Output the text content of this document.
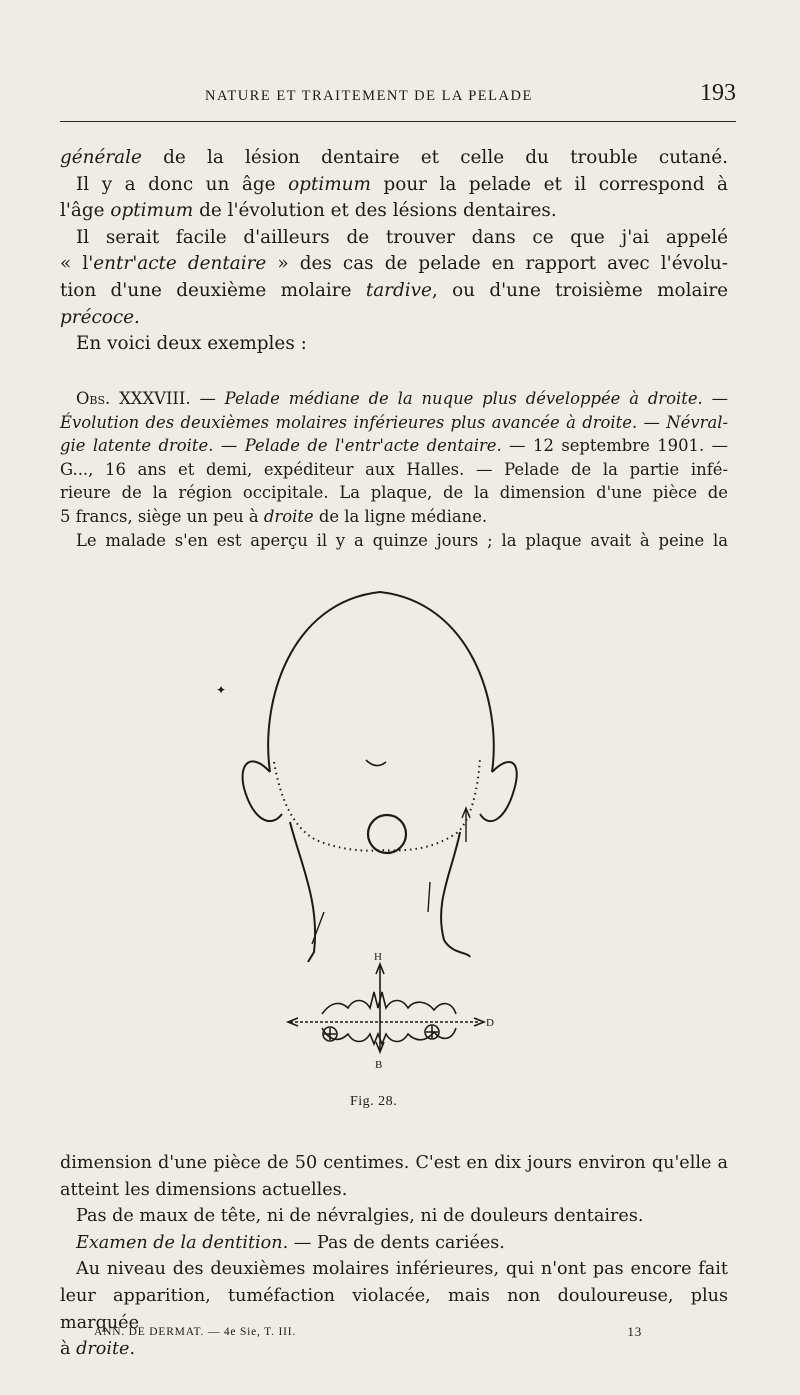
NATURE ET TRAITEMENT DE LA PELADE	193

générale de la lésion dentaire et celle du trouble cutané.

Il y a donc un âge optimum pour la pelade et il correspond à

l'âge optimum de l'évolution et des lésions dentaires.

Il serait facile d'ailleurs de trouver dans ce que j'ai appelé

« l'entr'acte dentaire » des cas de pelade en rapport avec l'évolu-

tion d'une deuxième molaire tardive, ou d'une troisième molaire

précoce.

En voici deux exemples :

Obs. XXXVIII. — Pelade médiane de la nuque plus développée à droite. —

Évolution des deuxièmes molaires inférieures plus avancée à droite. — Névral-

gie latente droite. — Pelade de l'entr'acte dentaire. — 12 septembre 1901. —

G..., 16 ans et demi, expéditeur aux Halles. — Pelade de la partie infé-

rieure de la région occipitale. La plaque, de la dimension d'une pièce de

5 francs, siège un peu à droite de la ligne médiane.

Le malade s'en est aperçu il y a quinze jours ; la plaque avait à peine la

✦
H
B
D
Fig. 28.

dimension d'une pièce de 50 centimes. C'est en dix jours environ qu'elle a

atteint les dimensions actuelles.

Pas de maux de tête, ni de névralgies, ni de douleurs dentaires.

Examen de la dentition. — Pas de dents cariées.

Au niveau des deuxièmes molaires inférieures, qui n'ont pas encore fait

leur apparition, tuméfaction violacée, mais non douloureuse, plus marquée

à droite.

ANN. DE DERMAT. — 4e Sie, T. III.	13
